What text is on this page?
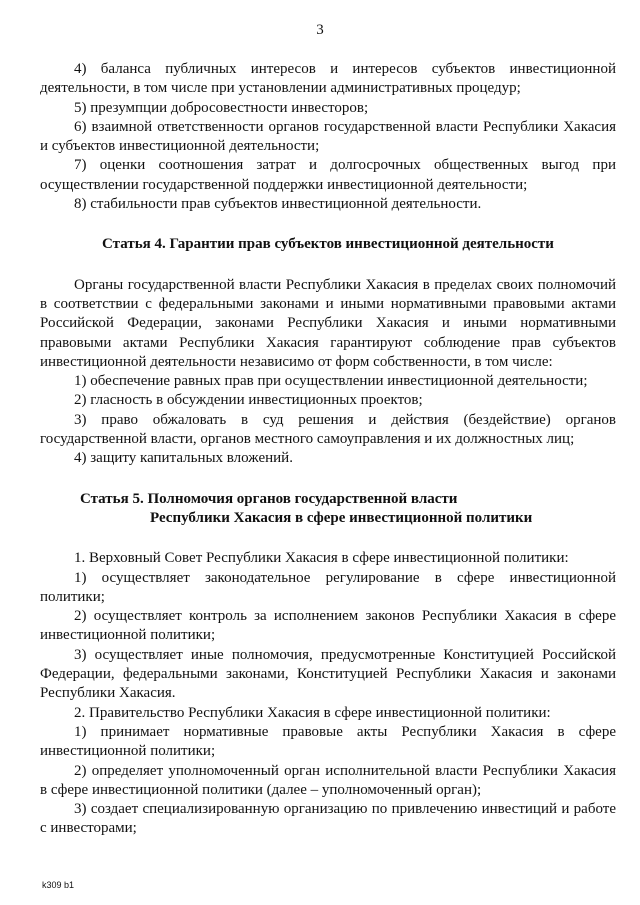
3

4) баланса публичных интересов и интересов субъектов инвестиционной деятельности, в том числе при установлении административных процедур;

5) презумпции добросовестности инвесторов;

6) взаимной ответственности органов государственной власти Республики Хакасия и субъектов инвестиционной деятельности;

7) оценки соотношения затрат и долгосрочных общественных выгод при осуществлении государственной поддержки инвестиционной деятельности;

8) стабильности прав субъектов инвестиционной деятельности.

Статья 4. Гарантии прав субъектов инвестиционной деятельности

Органы государственной власти Республики Хакасия в пределах своих полномочий в соответствии с федеральными законами и иными нормативными правовыми актами Российской Федерации, законами Республики Хакасия и иными нормативными правовыми актами Республики Хакасия гарантируют соблюдение прав субъектов инвестиционной деятельности независимо от форм собственности, в том числе:

1) обеспечение равных прав при осуществлении инвестиционной деятельности;

2) гласность в обсуждении инвестиционных проектов;

3) право обжаловать в суд решения и действия (бездействие) органов государственной власти, органов местного самоуправления и их должностных лиц;

4) защиту капитальных вложений.

Статья 5. Полномочия органов государственной власти
Республики Хакасия в сфере инвестиционной политики

1. Верховный Совет Республики Хакасия в сфере инвестиционной политики:

1) осуществляет законодательное регулирование в сфере инвестиционной политики;

2) осуществляет контроль за исполнением законов Республики Хакасия в сфере инвестиционной политики;

3) осуществляет иные полномочия, предусмотренные Конституцией Российской Федерации, федеральными законами, Конституцией Республики Хакасия и законами Республики Хакасия.

2. Правительство Республики Хакасия в сфере инвестиционной политики:

1) принимает нормативные правовые акты Республики Хакасия в сфере инвестиционной политики;

2) определяет уполномоченный орган исполнительной власти Республики Хакасия в сфере инвестиционной политики (далее – уполномоченный орган);

3) создает специализированную организацию по привлечению инвестиций и работе с инвесторами;

k309 b1
